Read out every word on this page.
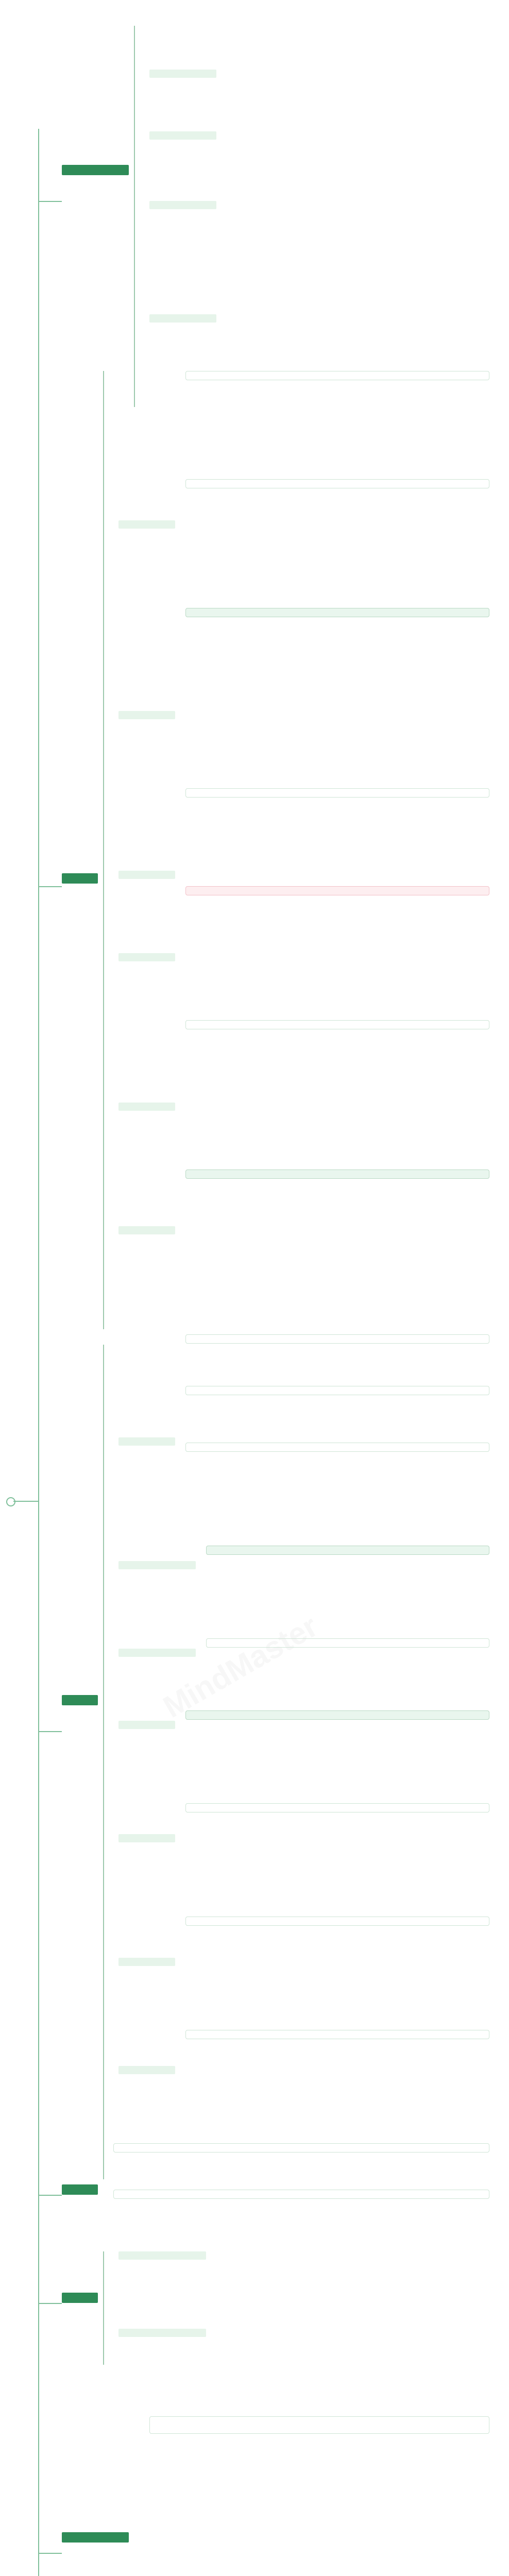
MindMaster
